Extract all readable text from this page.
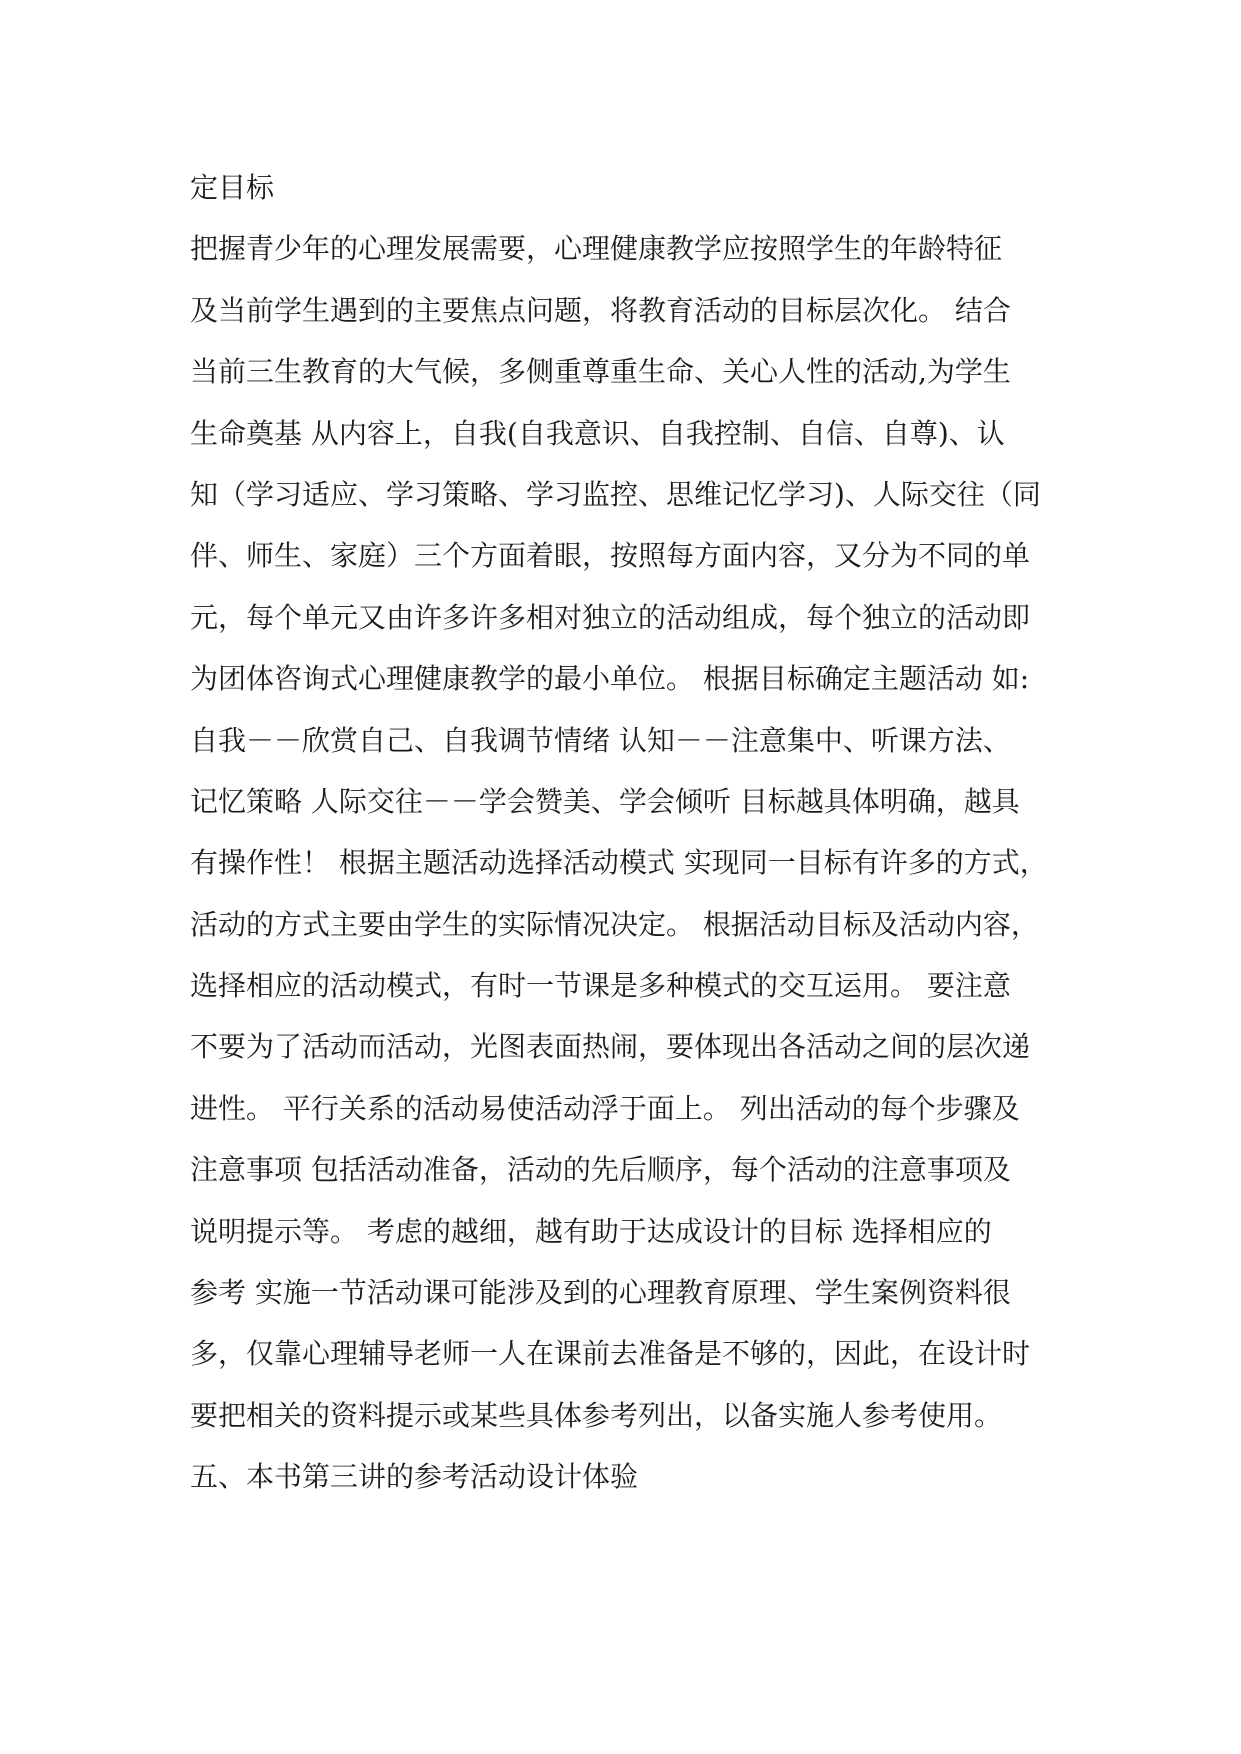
定目标
把握青少年的心理发展需要，心理健康教学应按照学生的年龄特征
及当前学生遇到的主要焦点问题，将教育活动的目标层次化。 结合
当前三生教育的大气候，多侧重尊重生命、关心人性的活动,为学生
生命奠基 从内容上，自我(自我意识、自我控制、自信、自尊)、认
知（学习适应、学习策略、学习监控、思维记忆学习)、人际交往（同
伴、师生、家庭）三个方面着眼，按照每方面内容，又分为不同的单
元，每个单元又由许多许多相对独立的活动组成，每个独立的活动即
为团体咨询式心理健康教学的最小单位。 根据目标确定主题活动 如:
自我－－欣赏自己、自我调节情绪 认知－－注意集中、听课方法、
记忆策略 人际交往－－学会赞美、学会倾听 目标越具体明确，越具
有操作性！ 根据主题活动选择活动模式 实现同一目标有许多的方式，
活动的方式主要由学生的实际情况决定。 根据活动目标及活动内容，
选择相应的活动模式，有时一节课是多种模式的交互运用。 要注意
不要为了活动而活动，光图表面热闹，要体现出各活动之间的层次递
进性。 平行关系的活动易使活动浮于面上。 列出活动的每个步骤及
注意事项 包括活动准备，活动的先后顺序，每个活动的注意事项及
说明提示等。 考虑的越细，越有助于达成设计的目标 选择相应的
参考 实施一节活动课可能涉及到的心理教育原理、学生案例资料很
多，仅靠心理辅导老师一人在课前去准备是不够的，因此，在设计时
要把相关的资料提示或某些具体参考列出，以备实施人参考使用。
五、本书第三讲的参考活动设计体验
